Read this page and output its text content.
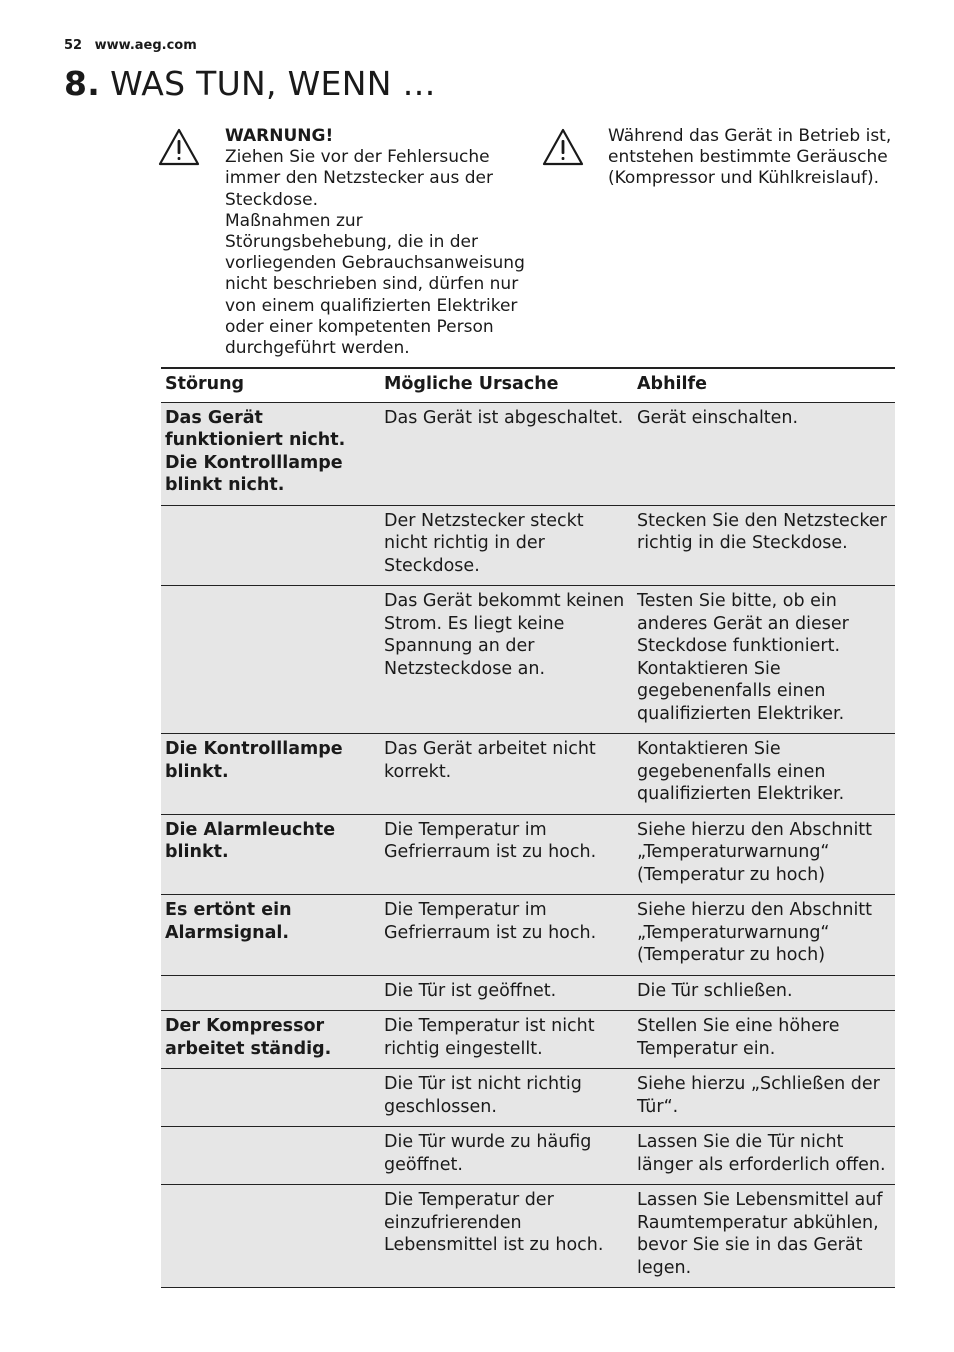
52 www.aeg.com
8. WAS TUN, WENN …

WARNUNG!

Ziehen Sie vor der Fehlersuche immer den Netzstecker aus der Steckdose.

Maßnahmen zur Störungsbehebung, die in der vorliegenden Gebrauchsanweisung nicht beschrieben sind, dürfen nur von einem qualifizierten Elektriker oder einer kompetenten Person durchgeführt werden.

Während das Gerät in Betrieb ist, entstehen bestimmte Geräusche (Kompressor und Kühlkreislauf).

Störung	Mögliche Ursache	Abhilfe
Das Gerät funktioniert nicht. Die Kontrolllampe blinkt nicht.	Das Gerät ist abgeschaltet.	Gerät einschalten.
	Der Netzstecker steckt nicht richtig in der Steckdose.	Stecken Sie den Netzstecker richtig in die Steckdose.
	Das Gerät bekommt keinen Strom. Es liegt keine Spannung an der Netzsteckdose an.	Testen Sie bitte, ob ein anderes Gerät an dieser Steckdose funktioniert. Kontaktieren Sie gegebenenfalls einen qualifizierten Elektriker.
Die Kontrolllampe blinkt.	Das Gerät arbeitet nicht korrekt.	Kontaktieren Sie gegebenenfalls einen qualifizierten Elektriker.
Die Alarmleuchte blinkt.	Die Temperatur im Gefrierraum ist zu hoch.	Siehe hierzu den Abschnitt „Temperaturwarnung“ (Temperatur zu hoch)
Es ertönt ein Alarmsignal.	Die Temperatur im Gefrierraum ist zu hoch.	Siehe hierzu den Abschnitt „Temperaturwarnung“ (Temperatur zu hoch)
	Die Tür ist geöffnet.	Die Tür schließen.
Der Kompressor arbeitet ständig.	Die Temperatur ist nicht richtig eingestellt.	Stellen Sie eine höhere Temperatur ein.
	Die Tür ist nicht richtig geschlossen.	Siehe hierzu „Schließen der Tür“.
	Die Tür wurde zu häufig geöffnet.	Lassen Sie die Tür nicht länger als erforderlich offen.
	Die Temperatur der einzufrierenden Lebensmittel ist zu hoch.	Lassen Sie Lebensmittel auf Raumtemperatur abkühlen, bevor Sie sie in das Gerät legen.
